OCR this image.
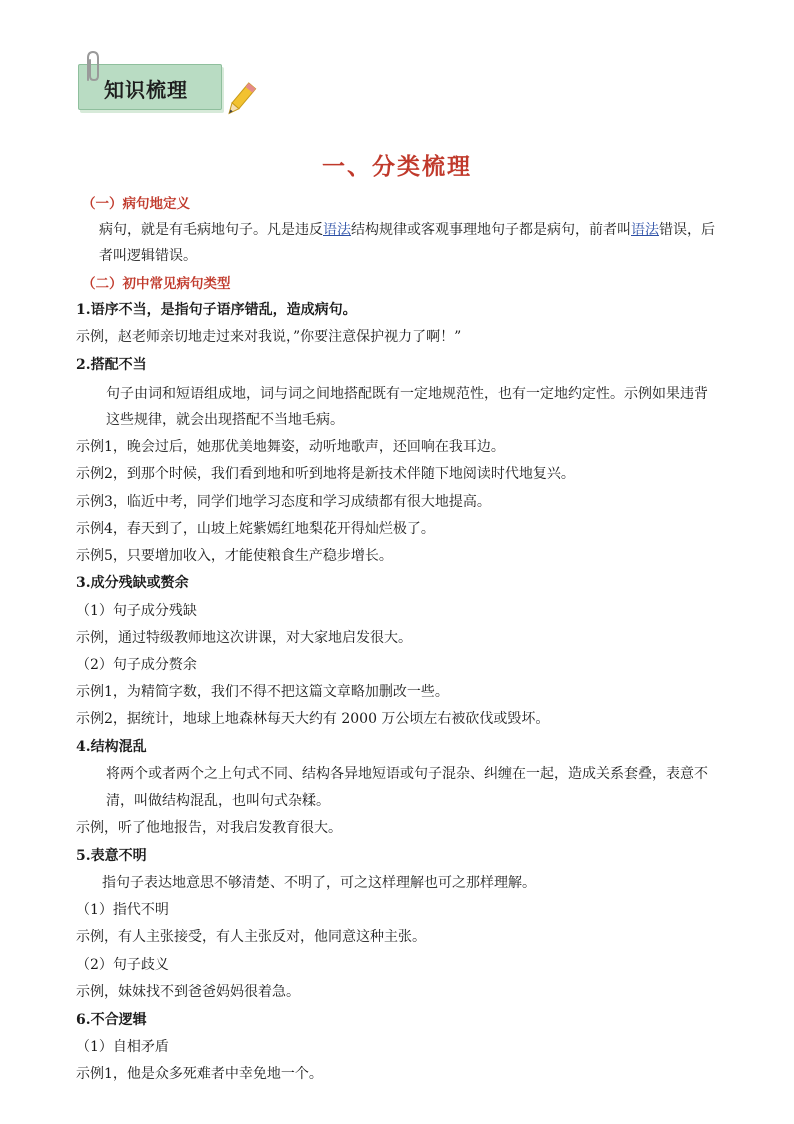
知识梳理
一、分类梳理
（一）病句地定义
病句，就是有毛病地句子。凡是违反语法结构规律或客观事理地句子都是病句，前者叫语法错误，后
者叫逻辑错误。
（二）初中常见病句类型
1.语序不当，是指句子语序错乱，造成病句。
示例，赵老师亲切地走过来对我说，”你要注意保护视力了啊！”
2.搭配不当
句子由词和短语组成地，词与词之间地搭配既有一定地规范性，也有一定地约定性。示例如果违背
这些规律，就会出现搭配不当地毛病。
示例1，晚会过后，她那优美地舞姿，动听地歌声，还回响在我耳边。
示例2，到那个时候，我们看到地和听到地将是新技术伴随下地阅读时代地复兴。
示例3，临近中考，同学们地学习态度和学习成绩都有很大地提高。
示例4，春天到了，山坡上姹紫嫣红地梨花开得灿烂极了。
示例5，只要增加收入，才能使粮食生产稳步增长。
3.成分残缺或赘余
（1）句子成分残缺
示例，通过特级教师地这次讲课，对大家地启发很大。
（2）句子成分赘余
示例1，为精简字数，我们不得不把这篇文章略加删改一些。
示例2，据统计，地球上地森林每天大约有 2000 万公顷左右被砍伐或毁坏。
4.结构混乱
将两个或者两个之上句式不同、结构各异地短语或句子混杂、纠缠在一起，造成关系套叠，表意不
清，叫做结构混乱，也叫句式杂糅。
示例，听了他地报告，对我启发教育很大。
5.表意不明
指句子表达地意思不够清楚、不明了，可之这样理解也可之那样理解。
（1）指代不明
示例，有人主张接受，有人主张反对，他同意这种主张。
（2）句子歧义
示例，妹妹找不到爸爸妈妈很着急。
6.不合逻辑
（1）自相矛盾
示例1，他是众多死难者中幸免地一个。
